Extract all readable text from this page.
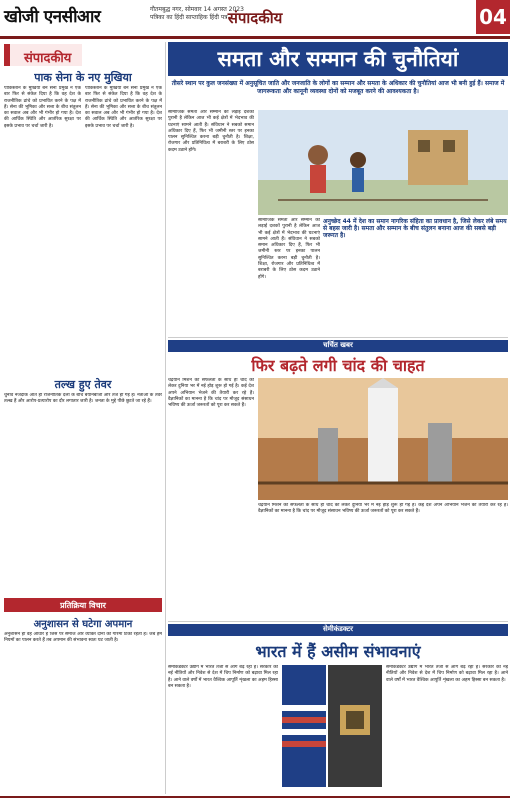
खोजी एनसीआर	गौतमबुद्ध नगर, सोमवार 14 अगस्त 2023
पत्रिका का हिंदी साप्ताहिक हिंदी पत्र संपादकीय	04
संपादकीय
पाक सेना के नए मुखिया

पाकिस्तान के मुखिया बने सेना प्रमुख ने एक बार फिर से संकेत दिया है कि वह देश के राजनीतिक ढांचे को प्रभावित करने के पक्ष में हैं। सेना की भूमिका और सत्ता के बीच संतुलन का सवाल अब और भी गंभीर हो गया है। देश की आर्थिक स्थिति और आतंरिक सुरक्षा पर इसके प्रभाव पर चर्चा जारी है।

पाकिस्तान के मुखिया बने सेना प्रमुख ने एक बार फिर से संकेत दिया है कि वह देश के राजनीतिक ढांचे को प्रभावित करने के पक्ष में हैं। सेना की भूमिका और सत्ता के बीच संतुलन का सवाल अब और भी गंभीर हो गया है। देश की आर्थिक स्थिति और आतंरिक सुरक्षा पर इसके प्रभाव पर चर्चा जारी है।

तल्ख हुए तेवर

चुनाव नजदीक आते ही राजनीतिक दलों के बीच बयानबाजी और तेज हो गई है। नेताओं के तेवर तल्ख हैं और आरोप-प्रत्यारोप का दौर लगातार जारी है। जनता के मुद्दे पीछे छूटते जा रहे हैं।

प्रतिक्रिया विचार
अनुशासन से घटेगा अपमान

अनुशासन ही वह आधार है जिस पर समाज और व्यक्ति दोनों की गरिमा टिकी रहती है। जब हम नियमों का पालन करते हैं तब अपमान की संभावना स्वतः घट जाती है।

समता और सम्मान की चुनौतियां
तीसरे स्थान पर कुल जनसंख्या में अनुसूचित जाति और जनजाति के लोगों का सम्मान और समता के अधिकार की चुनौतियां आज भी बनी हुई हैं। समाज में जागरूकता और कानूनी व्यवस्था दोनों को मजबूत करने की आवश्यकता है।

सामाजिक समता और सम्मान की लड़ाई दशकों पुरानी है लेकिन आज भी कई क्षेत्रों में भेदभाव की घटनाएं सामने आती हैं। संविधान ने सबको समान अधिकार दिए हैं, फिर भी जमीनी स्तर पर इनका पालन सुनिश्चित करना बड़ी चुनौती है। शिक्षा, रोजगार और प्रतिनिधित्व में बराबरी के लिए ठोस कदम उठाने होंगे।

सामाजिक समता और सम्मान की लड़ाई दशकों पुरानी है लेकिन आज भी कई क्षेत्रों में भेदभाव की घटनाएं सामने आती हैं। संविधान ने सबको समान अधिकार दिए हैं, फिर भी जमीनी स्तर पर इनका पालन सुनिश्चित करना बड़ी चुनौती है। शिक्षा, रोजगार और प्रतिनिधित्व में बराबरी के लिए ठोस कदम उठाने होंगे।

अनुच्छेद 44 में देश का समान नागरिक संहिता का प्रावधान है, जिसे लेकर लंबे समय से बहस जारी है। समता और सम्मान के बीच संतुलन बनाना आज की सबसे बड़ी जरूरत है।
चर्चित खबर
फिर बढ़ते लगी चांद की चाहत

चंद्रयान मिशन की सफलता के साथ ही चांद को लेकर दुनिया भर में नई होड़ शुरू हो गई है। कई देश अपने अभियान भेजने की तैयारी कर रहे हैं। वैज्ञानिकों का मानना है कि चांद पर मौजूद संसाधन भविष्य की ऊर्जा जरूरतों को पूरा कर सकते हैं।

चंद्रयान मिशन की सफलता के साथ ही चांद को लेकर दुनिया भर में नई होड़ शुरू हो गई है। कई देश अपने अभियान भेजने की तैयारी कर रहे हैं। वैज्ञानिकों का मानना है कि चांद पर मौजूद संसाधन भविष्य की ऊर्जा जरूरतों को पूरा कर सकते हैं।

सेमीकंडक्टर
भारत में हैं असीम संभावनाएं

सेमीकंडक्टर उद्योग में भारत तेजी से आगे बढ़ रहा है। सरकार की नई नीतियों और निवेश से देश में चिप निर्माण को बढ़ावा मिल रहा है। आने वाले वर्षों में भारत वैश्विक आपूर्ति शृंखला का अहम हिस्सा बन सकता है।

सेमीकंडक्टर उद्योग में भारत तेजी से आगे बढ़ रहा है। सरकार की नई नीतियों और निवेश से देश में चिप निर्माण को बढ़ावा मिल रहा है। आने वाले वर्षों में भारत वैश्विक आपूर्ति शृंखला का अहम हिस्सा बन सकता है।
